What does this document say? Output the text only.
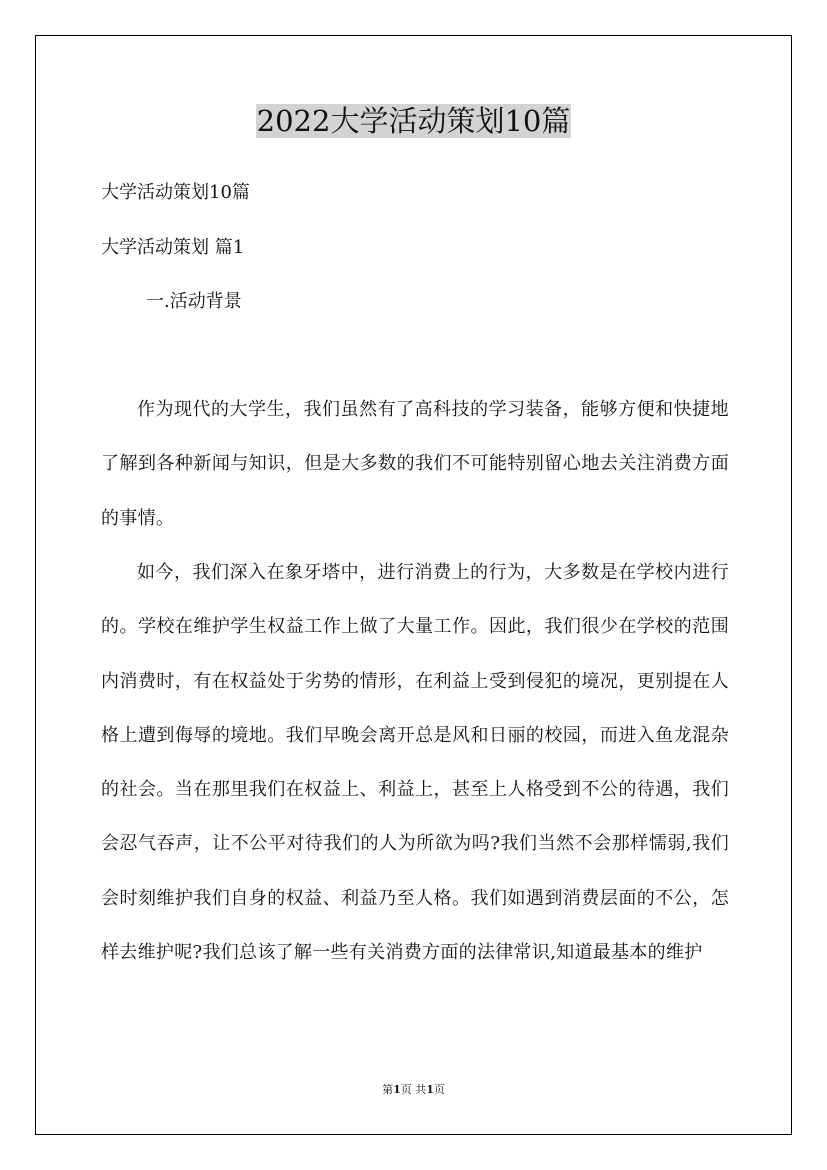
2022大学活动策划10篇

大学活动策划10篇

大学活动策划 篇1

一.活动背景

作为现代的大学生，我们虽然有了高科技的学习装备，能够方便和快捷地了解到各种新闻与知识，但是大多数的我们不可能特别留心地去关注消费方面的事情。

如今，我们深入在象牙塔中，进行消费上的行为，大多数是在学校内进行的。学校在维护学生权益工作上做了大量工作。因此，我们很少在学校的范围内消费时，有在权益处于劣势的情形，在利益上受到侵犯的境况，更别提在人格上遭到侮辱的境地。我们早晚会离开总是风和日丽的校园，而进入鱼龙混杂的社会。当在那里我们在权益上、利益上，甚至上人格受到不公的待遇，我们会忍气吞声，让不公平对待我们的人为所欲为吗?我们当然不会那样懦弱,我们会时刻维护我们自身的权益、利益乃至人格。我们如遇到消费层面的不公，怎样去维护呢?我们总该了解一些有关消费方面的法律常识,知道最基本的维护

第1页 共1页
